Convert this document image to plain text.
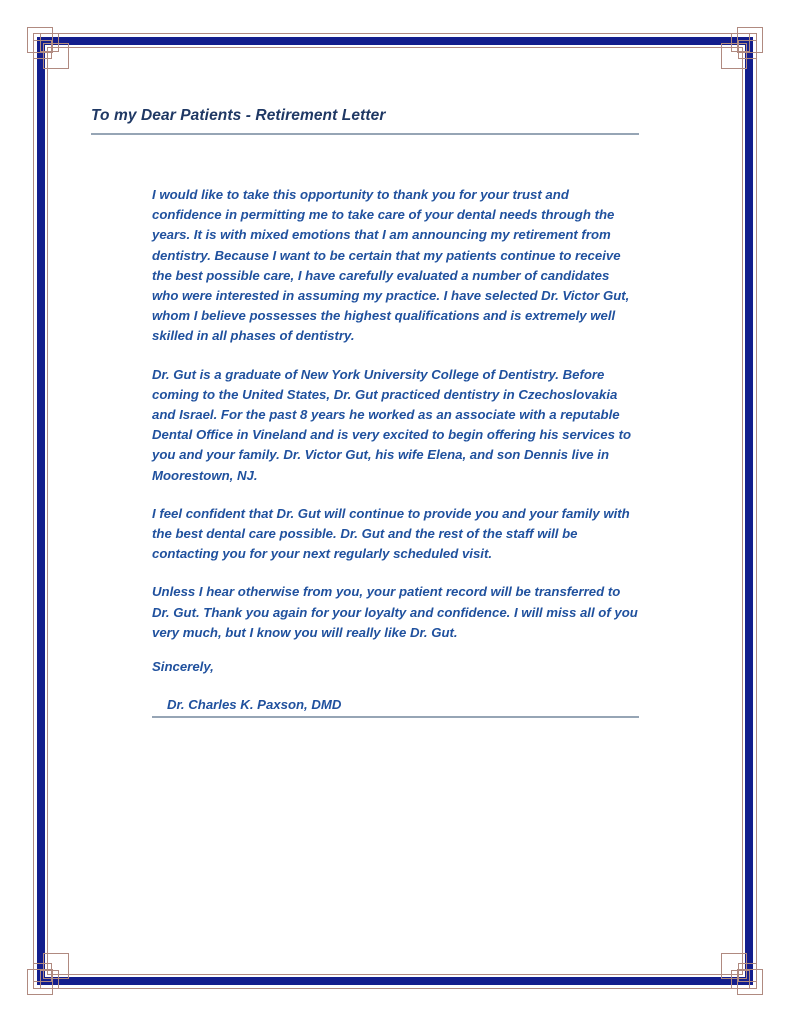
To my Dear Patients - Retirement Letter

I would like to take this opportunity to thank you for your trust and confidence in permitting me to take care of your dental needs through the years. It is with mixed emotions that I am announcing my retirement from dentistry. Because I want to be certain that my patients continue to receive the best possible care, I have carefully evaluated a number of candidates who were interested in assuming my practice. I have selected Dr. Victor Gut, whom I believe possesses the highest qualifications and is extremely well skilled in all phases of dentistry.

Dr. Gut is a graduate of New York University College of Dentistry. Before coming to the United States, Dr. Gut practiced dentistry in Czechoslovakia and Israel. For the past 8 years he worked as an associate with a reputable Dental Office in Vineland and is very excited to begin offering his services to you and your family. Dr. Victor Gut, his wife Elena, and son Dennis live in Moorestown, NJ.

I feel confident that Dr. Gut will continue to provide you and your family with the best dental care possible. Dr. Gut and the rest of the staff will be contacting you for your next regularly scheduled visit.

Unless I hear otherwise from you, your patient record will be transferred to Dr. Gut. Thank you again for your loyalty and confidence. I will miss all of you very much, but I know you will really like Dr. Gut.

Sincerely,
Dr. Charles K. Paxson, DMD
